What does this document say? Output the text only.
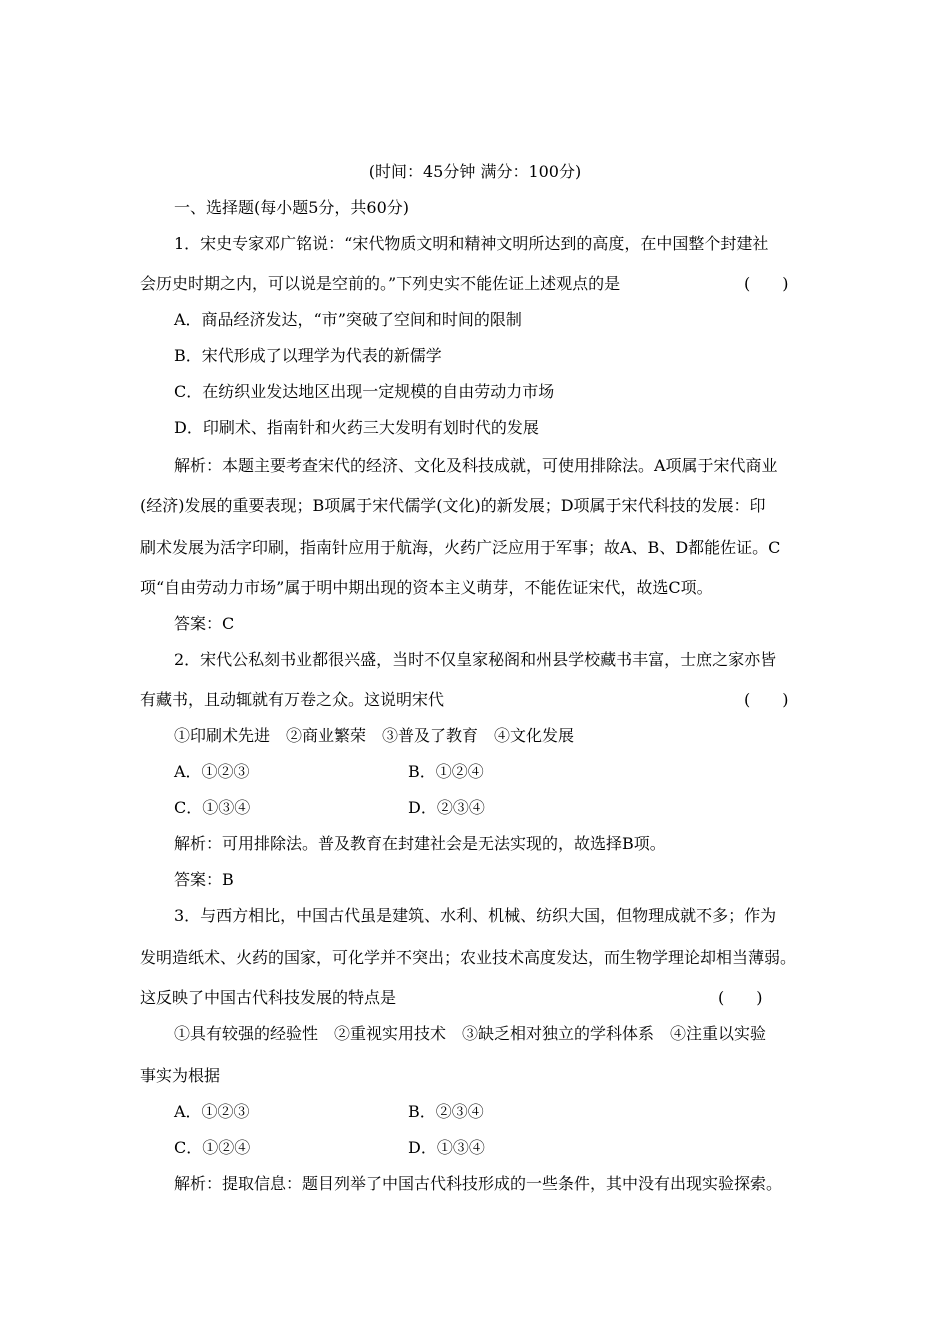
(时间：45分钟 满分：100分)
一、选择题(每小题5分，共60分)
1．宋史专家邓广铭说：“宋代物质文明和精神文明所达到的高度，在中国整个封建社
会历史时期之内，可以说是空前的。”下列史实不能佐证上述观点的是	(　　)
A．商品经济发达，“市”突破了空间和时间的限制
B．宋代形成了以理学为代表的新儒学
C．在纺织业发达地区出现一定规模的自由劳动力市场
D．印刷术、指南针和火药三大发明有划时代的发展
解析：本题主要考查宋代的经济、文化及科技成就，可使用排除法。A项属于宋代商业
(经济)发展的重要表现；B项属于宋代儒学(文化)的新发展；D项属于宋代科技的发展：印
刷术发展为活字印刷，指南针应用于航海，火药广泛应用于军事；故A、B、D都能佐证。C
项“自由劳动力市场”属于明中期出现的资本主义萌芽，不能佐证宋代，故选C项。
答案：C
2．宋代公私刻书业都很兴盛，当时不仅皇家秘阁和州县学校藏书丰富，士庶之家亦皆
有藏书，且动辄就有万卷之众。这说明宋代	(　　)
①印刷术先进　②商业繁荣　③普及了教育　④文化发展
A．①②③	B．①②④
C．①③④	D．②③④
解析：可用排除法。普及教育在封建社会是无法实现的，故选择B项。
答案：B
3．与西方相比，中国古代虽是建筑、水利、机械、纺织大国，但物理成就不多；作为
发明造纸术、火药的国家，可化学并不突出；农业技术高度发达，而生物学理论却相当薄弱。
这反映了中国古代科技发展的特点是	(　　)
①具有较强的经验性　②重视实用技术　③缺乏相对独立的学科体系　④注重以实验
事实为根据
A．①②③	B．②③④
C．①②④	D．①③④
解析：提取信息：题目列举了中国古代科技形成的一些条件，其中没有出现实验探索。
